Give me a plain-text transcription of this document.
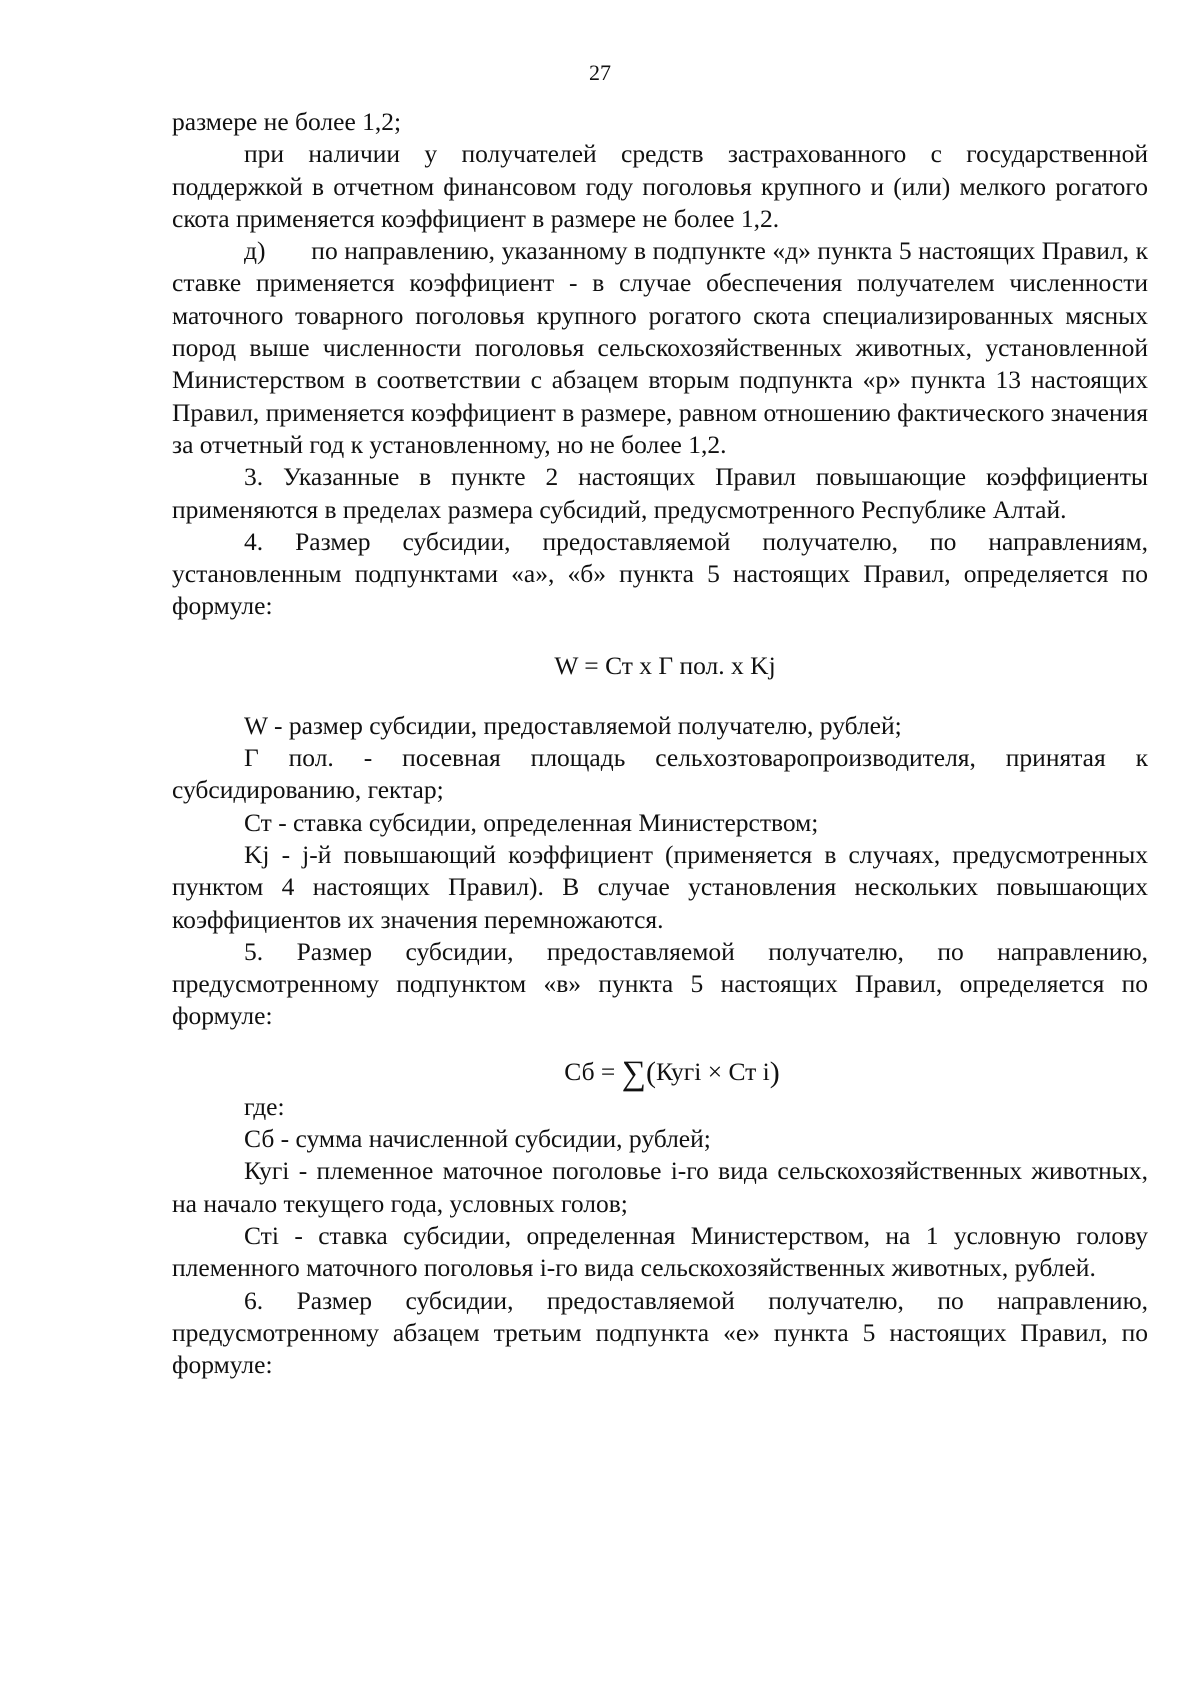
27

размере не более 1,2;

при наличии у получателей средств застрахованного с государственной поддержкой в отчетном финансовом году поголовья крупного и (или) мелкого рогатого скота применяется коэффициент в размере не более 1,2.

д)       по направлению, указанному в подпункте «д» пункта 5 настоящих Правил, к ставке применяется коэффициент - в случае обеспечения получателем численности маточного товарного поголовья крупного рогатого скота специализированных мясных пород выше численности поголовья сельскохозяйственных животных, установленной Министерством в соответствии с абзацем вторым подпункта «р» пункта 13 настоящих Правил, применяется коэффициент в размере, равном отношению фактического значения за отчетный год к установленному, но не более 1,2.

3. Указанные в пункте 2 настоящих Правил повышающие коэффициенты применяются в пределах размера субсидий, предусмотренного Республике Алтай.

4. Размер субсидии, предоставляемой получателю, по направлениям, установленным подпунктами «а», «б» пункта 5 настоящих Правил, определяется по формуле:

W = Ст х Г пол. х Kj

W - размер субсидии, предоставляемой получателю, рублей;

Г пол. - посевная площадь сельхозтоваропроизводителя, принятая к субсидированию, гектар;

Ст - ставка субсидии, определенная Министерством;

Kj - j-й повышающий коэффициент (применяется в случаях, предусмотренных пунктом 4 настоящих Правил). В случае установления нескольких повышающих коэффициентов их значения перемножаются.

5. Размер субсидии, предоставляемой получателю, по направлению, предусмотренному подпунктом «в» пункта 5 настоящих Правил, определяется по формуле:

Сб = ∑(Кугi × Ст i)

где:

Сб - сумма начисленной субсидии, рублей;

Кугi - племенное маточное поголовье i-го вида сельскохозяйственных животных, на начало текущего года, условных голов;

Стi - ставка субсидии, определенная Министерством, на 1 условную голову племенного маточного поголовья i-го вида сельскохозяйственных животных, рублей.

6. Размер субсидии, предоставляемой получателю, по направлению, предусмотренному абзацем третьим подпункта «е» пункта 5 настоящих Правил, по формуле:
